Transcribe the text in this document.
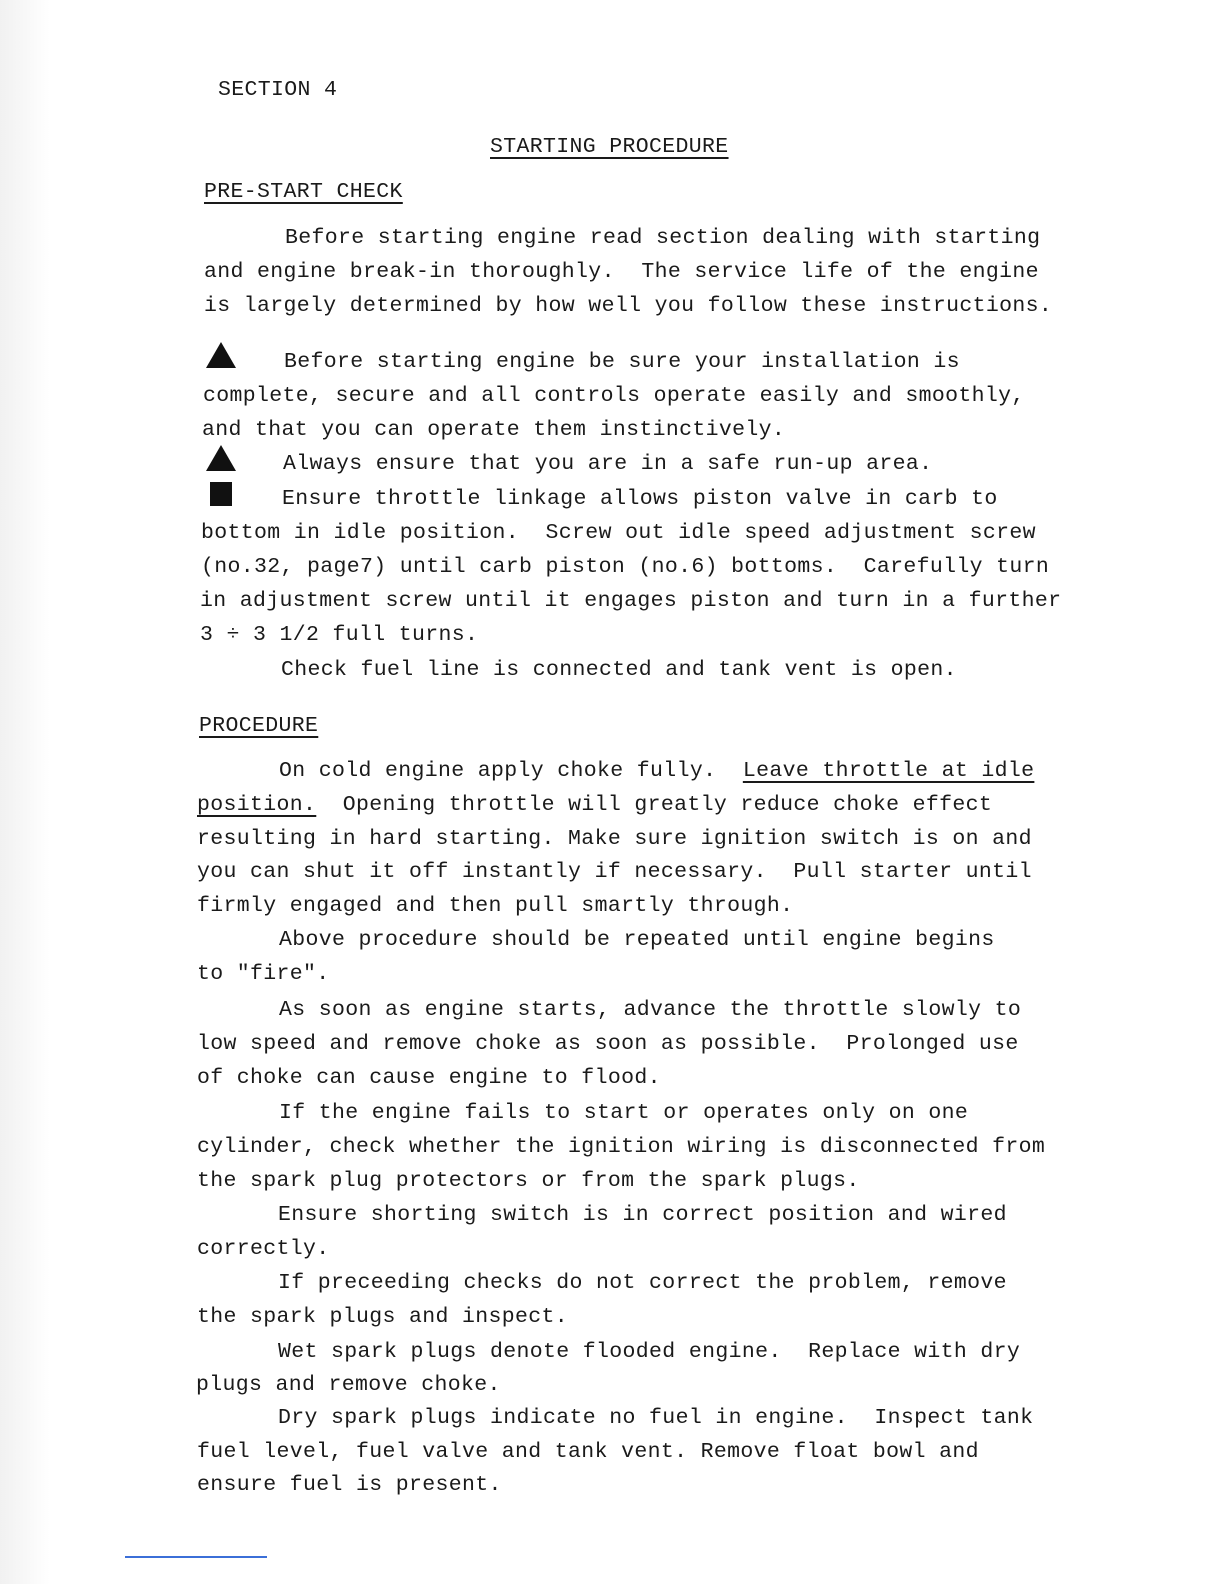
SECTION 4
STARTING PROCEDURE
PRE-START CHECK
Before starting engine read section dealing with starting
and engine break-in thoroughly.  The service life of the engine
is largely determined by how well you follow these instructions.
Before starting engine be sure your installation is
complete, secure and all controls operate easily and smoothly,
and that you can operate them instinctively.
Always ensure that you are in a safe run-up area.
Ensure throttle linkage allows piston valve in carb to
bottom in idle position.  Screw out idle speed adjustment screw
(no.32, page7) until carb piston (no.6) bottoms.  Carefully turn
in adjustment screw until it engages piston and turn in a further
3 ÷ 3 1/2 full turns.
Check fuel line is connected and tank vent is open.
PROCEDURE
On cold engine apply choke fully.  Leave throttle at idle
position.  Opening throttle will greatly reduce choke effect
resulting in hard starting. Make sure ignition switch is on and
you can shut it off instantly if necessary.  Pull starter until
firmly engaged and then pull smartly through.
Above procedure should be repeated until engine begins
to "fire".
As soon as engine starts, advance the throttle slowly to
low speed and remove choke as soon as possible.  Prolonged use
of choke can cause engine to flood.
If the engine fails to start or operates only on one
cylinder, check whether the ignition wiring is disconnected from
the spark plug protectors or from the spark plugs.
Ensure shorting switch is in correct position and wired
correctly.
If preceeding checks do not correct the problem, remove
the spark plugs and inspect.
Wet spark plugs denote flooded engine.  Replace with dry
plugs and remove choke.
Dry spark plugs indicate no fuel in engine.  Inspect tank
fuel level, fuel valve and tank vent. Remove float bowl and
ensure fuel is present.
